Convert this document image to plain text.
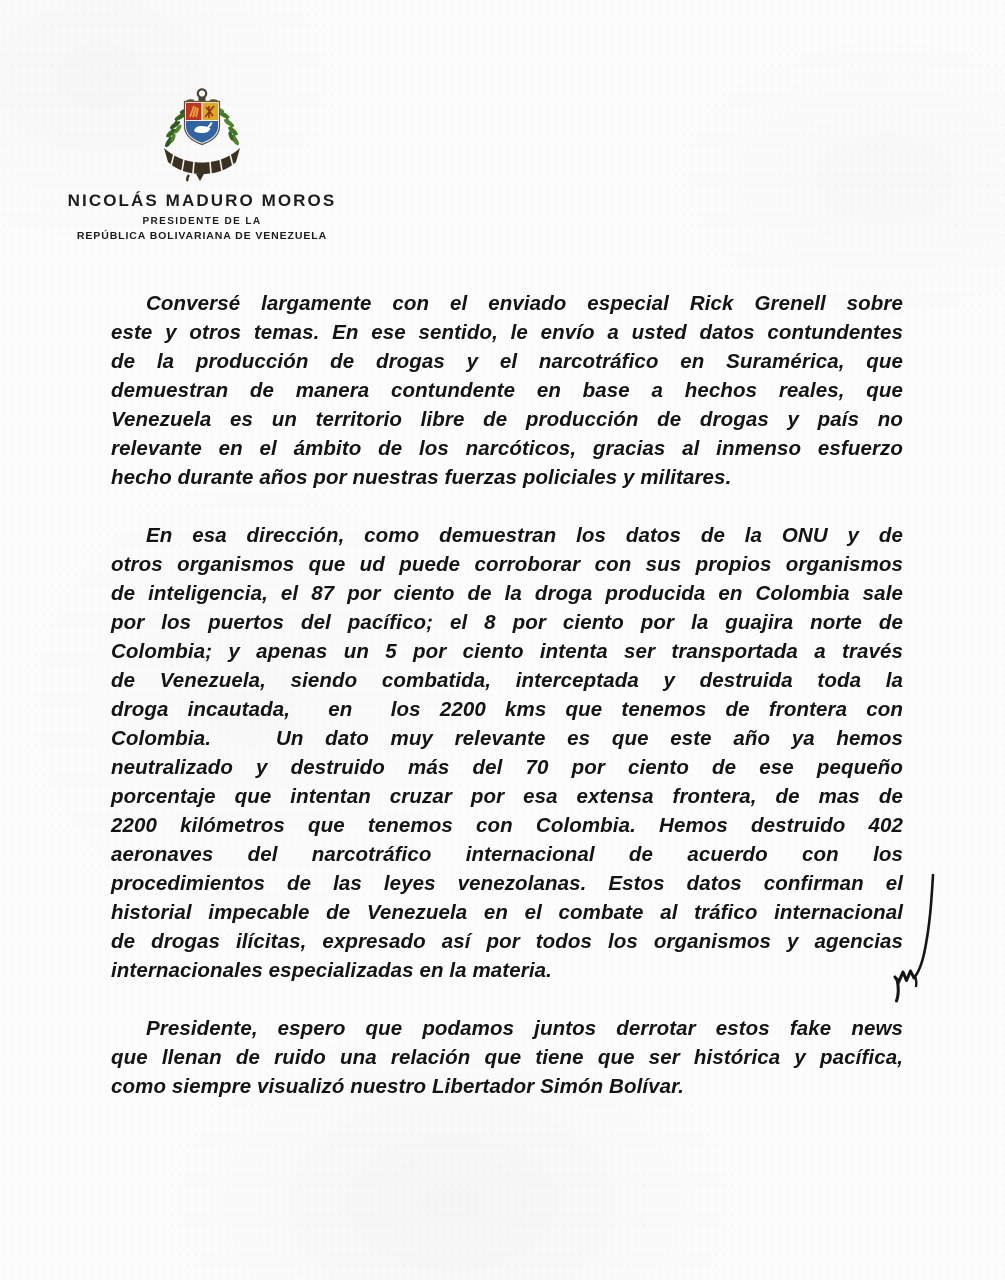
NICOLÁS MADURO MOROS
PRESIDENTE DE LA
REPÚBLICA BOLIVARIANA DE VENEZUELA
Conversé largamente con el enviado especial Rick Grenell sobre
este y otros temas. En ese sentido, le envío a usted datos contundentes
de la producción de drogas y el narcotráfico en Suramérica, que
demuestran de manera contundente en base a hechos reales, que
Venezuela es un territorio libre de producción de drogas y país no
relevante en el ámbito de los narcóticos, gracias al inmenso esfuerzo
hecho durante años por nuestras fuerzas policiales y militares.
En esa dirección, como demuestran los datos de la ONU y de
otros organismos que ud puede corroborar con sus propios organismos
de inteligencia, el 87 por ciento de la droga producida en Colombia sale
por los puertos del pacífico; el 8 por ciento por la guajira norte de
Colombia; y apenas un 5 por ciento intenta ser transportada a través
de Venezuela, siendo combatida, interceptada y destruida toda la
droga incautada,  en  los 2200 kms que tenemos de frontera con
Colombia.   Un dato muy relevante es que este año ya hemos
neutralizado y destruido más del 70 por ciento de ese pequeño
porcentaje que intentan cruzar por esa extensa frontera, de mas de
2200 kilómetros que tenemos con Colombia. Hemos destruido 402
aeronaves del narcotráfico internacional de acuerdo con los
procedimientos de las leyes venezolanas. Estos datos confirman el
historial impecable de Venezuela en el combate al tráfico internacional
de drogas ilícitas, expresado así por todos los organismos y agencias
internacionales especializadas en la materia.
Presidente, espero que podamos juntos derrotar estos fake news
que llenan de ruido una relación que tiene que ser histórica y pacífica,
como siempre visualizó nuestro Libertador Simón Bolívar.
